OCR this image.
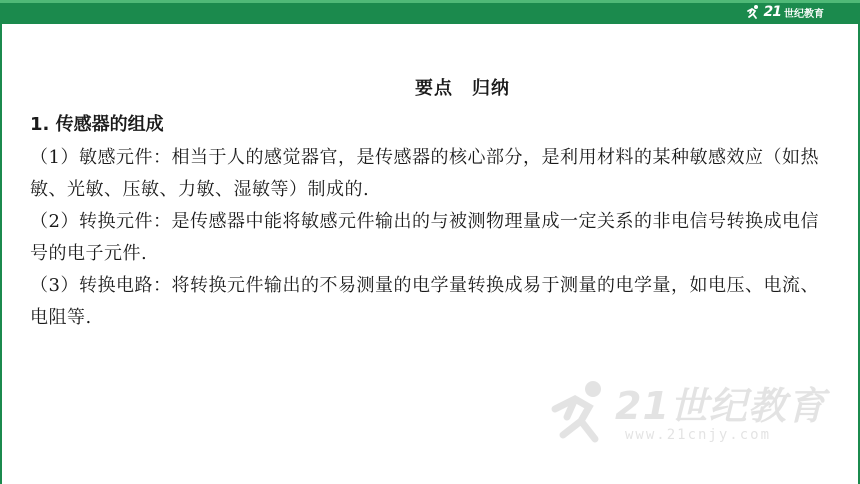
21 世纪教育
要点　归纳
1. 传感器的组成
（1）敏感元件：相当于人的感觉器官，是传感器的核心部分，是利用材料的某种敏感效应（如热敏、光敏、压敏、力敏、湿敏等）制成的.
（2）转换元件：是传感器中能将敏感元件输出的与被测物理量成一定关系的非电信号转换成电信号的电子元件.
（3）转换电路：将转换元件输出的不易测量的电学量转换成易于测量的电学量，如电压、电流、电阻等.
21世纪教育
www.21cnjy.com
